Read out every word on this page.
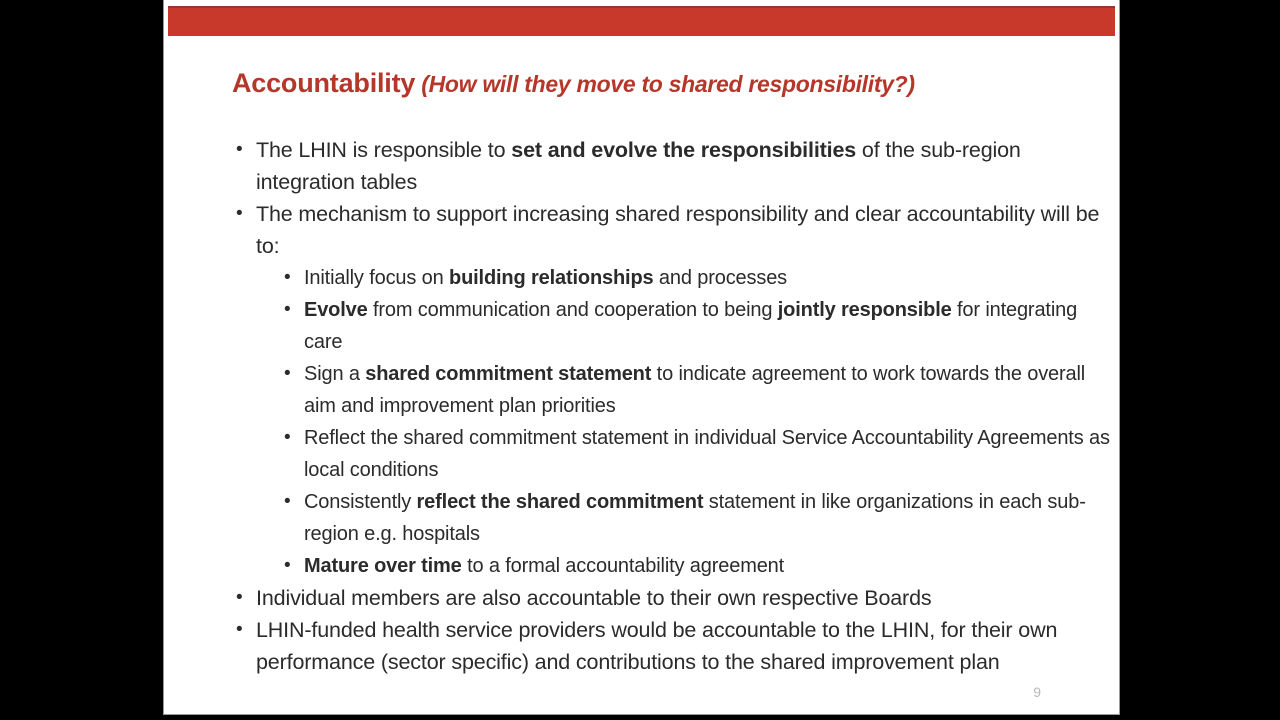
Accountability (How will they move to shared responsibility?)
• The LHIN is responsible to set and evolve the responsibilities of the sub-region integration tables
• The mechanism to support increasing shared responsibility and clear accountability will be to:
• Initially focus on building relationships and processes
• Evolve from communication and cooperation to being jointly responsible for integrating care
• Sign a shared commitment statement to indicate agreement to work towards the overall aim and improvement plan priorities
• Reflect the shared commitment statement in individual Service Accountability Agreements as local conditions
• Consistently reflect the shared commitment statement in like organizations in each sub-region e.g. hospitals
• Mature over time to a formal accountability agreement
• Individual members are also accountable to their own respective Boards
• LHIN-funded health service providers would be accountable to the LHIN, for their own performance (sector specific) and contributions to the shared improvement plan
9
